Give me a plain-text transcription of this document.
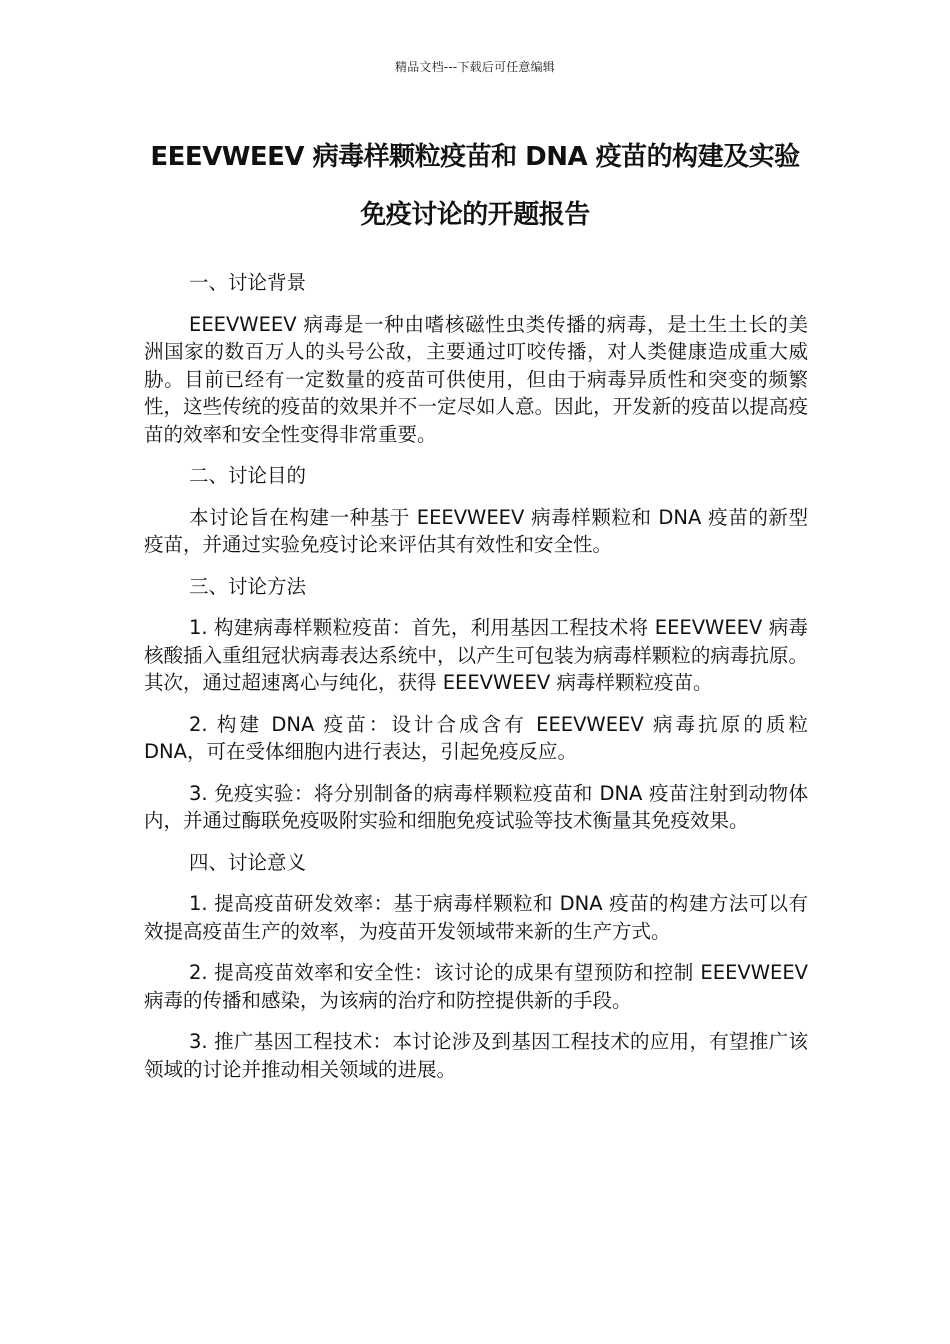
精品文档---下载后可任意编辑
EEEVWEEV 病毒样颗粒疫苗和 DNA 疫苗的构建及实验免疫讨论的开题报告
一、讨论背景

EEEVWEEV 病毒是一种由嗜核磁性虫类传播的病毒，是土生土长的美洲国家的数百万人的头号公敌，主要通过叮咬传播，对人类健康造成重大威胁。目前已经有一定数量的疫苗可供使用，但由于病毒异质性和突变的频繁性，这些传统的疫苗的效果并不一定尽如人意。因此，开发新的疫苗以提高疫苗的效率和安全性变得非常重要。

二、讨论目的

本讨论旨在构建一种基于 EEEVWEEV 病毒样颗粒和 DNA 疫苗的新型疫苗，并通过实验免疫讨论来评估其有效性和安全性。

三、讨论方法

1. 构建病毒样颗粒疫苗：首先，利用基因工程技术将 EEEVWEEV 病毒核酸插入重组冠状病毒表达系统中，以产生可包装为病毒样颗粒的病毒抗原。其次，通过超速离心与纯化，获得 EEEVWEEV 病毒样颗粒疫苗。

2. 构建 DNA 疫苗：设计合成含有 EEEVWEEV 病毒抗原的质粒 DNA，可在受体细胞内进行表达，引起免疫反应。

3. 免疫实验：将分别制备的病毒样颗粒疫苗和 DNA 疫苗注射到动物体内，并通过酶联免疫吸附实验和细胞免疫试验等技术衡量其免疫效果。

四、讨论意义

1. 提高疫苗研发效率：基于病毒样颗粒和 DNA 疫苗的构建方法可以有效提高疫苗生产的效率，为疫苗开发领域带来新的生产方式。

2. 提高疫苗效率和安全性：该讨论的成果有望预防和控制 EEEVWEEV 病毒的传播和感染，为该病的治疗和防控提供新的手段。

3. 推广基因工程技术：本讨论涉及到基因工程技术的应用，有望推广该领域的讨论并推动相关领域的进展。
